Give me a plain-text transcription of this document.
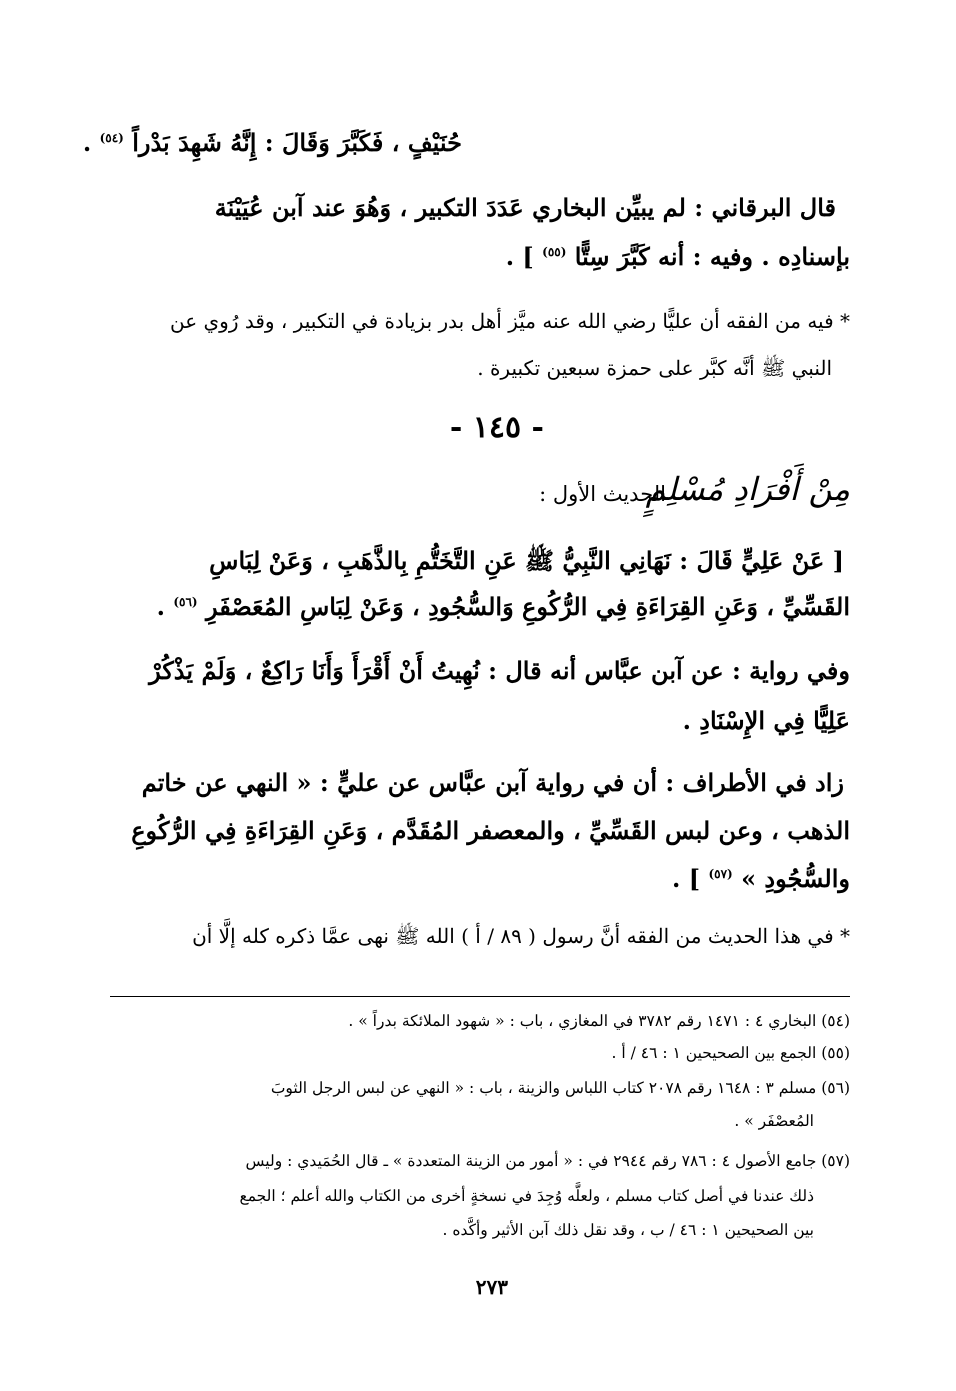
حُنَيْفٍ ، فَكَبَّرَ وَقَالَ : إِنَّهُ شَهِدَ بَدْراً $^{(٥٤)}$ .
قال البرقاني : لم يبيِّن البخاري عَدَدَ التكبير ، وَهُوَ عند آبن عُيَيْنَة
بإسنادِه . وفيه : أنه كَبَّرَ سِتًّا $^{(٥٥)}$ ] .
* فيه من الفقه أن عليًّا رضي الله عنه ميَّز أهل بدر بزيادة في التكبير ، وقد رُوي عن
النبي ﷺ أنَّه كبَّر على حمزة سبعين تكبيرة .
- ١٤٥ -
مِنْ أَفْرَادِ مُسْلِمٍ
الحديث الأول :
[ عَنْ عَلِيٍّ قَالَ : نَهَانِي النَّبِيُّ ﷺ عَنِ التَّخَتُّمِ بِالذَّهَبِ ، وَعَنْ لِبَاسِ
القَسِّيِّ ، وَعَنِ القِرَاءَةِ فِي الرُّكُوعِ وَالسُّجُودِ ، وَعَنْ لِبَاسِ المُعَصْفَرِ $^{(٥٦)}$ .
وفي رواية : عن آبن عبَّاس أنه قال : نُهِيتُ أَنْ أَقْرَأَ وَأَنَا رَاكِعٌ ، وَلَمْ يَذْكُرْ
عَلِيًّا فِي الإِسْنَادِ .
زاد في الأطراف : أن في رواية آبن عبَّاس عن عليٍّ : « النهي عن خاتم
الذهب ، وعن لبس القَسِّيِّ ، والمعصفر المُقَدَّم ، وَعَنِ القِرَاءَةِ فِي الرُّكُوعِ
والسُّجُودِ » $^{(٥٧)}$ ] .
* في هذا الحديث من الفقه أنَّ رسول ( ٨٩ / أ ) الله ﷺ نهى عمَّا ذكره كله إلَّا أن
(٥٤) البخاري ٤ : ١٤٧١ رقم ٣٧٨٢ في المغازي ، باب : « شهود الملائكة بدراً » .
(٥٥) الجمع بين الصحيحين ١ : ٤٦ / أ .
(٥٦) مسلم ٣ : ١٦٤٨ رقم ٢٠٧٨ كتاب اللباس والزينة ، باب : « النهي عن لبس الرجل الثوبَ
المُعصْفَر » .
(٥٧) جامع الأصول ٤ : ٧٨٦ رقم ٢٩٤٤ في : « أمور من الزينة المتعددة » ـ قال الحُمَيدي : وليس
ذلك عندنا في أصل كتاب مسلم ، ولعلَّه وُجِدَ في نسخةٍ أخرى من الكتاب والله أعلم ؛ الجمع
بين الصحيحين ١ : ٤٦ / ب ، وقد نقل ذلك آبن الأثير وأكَّده .
٢٧٣
